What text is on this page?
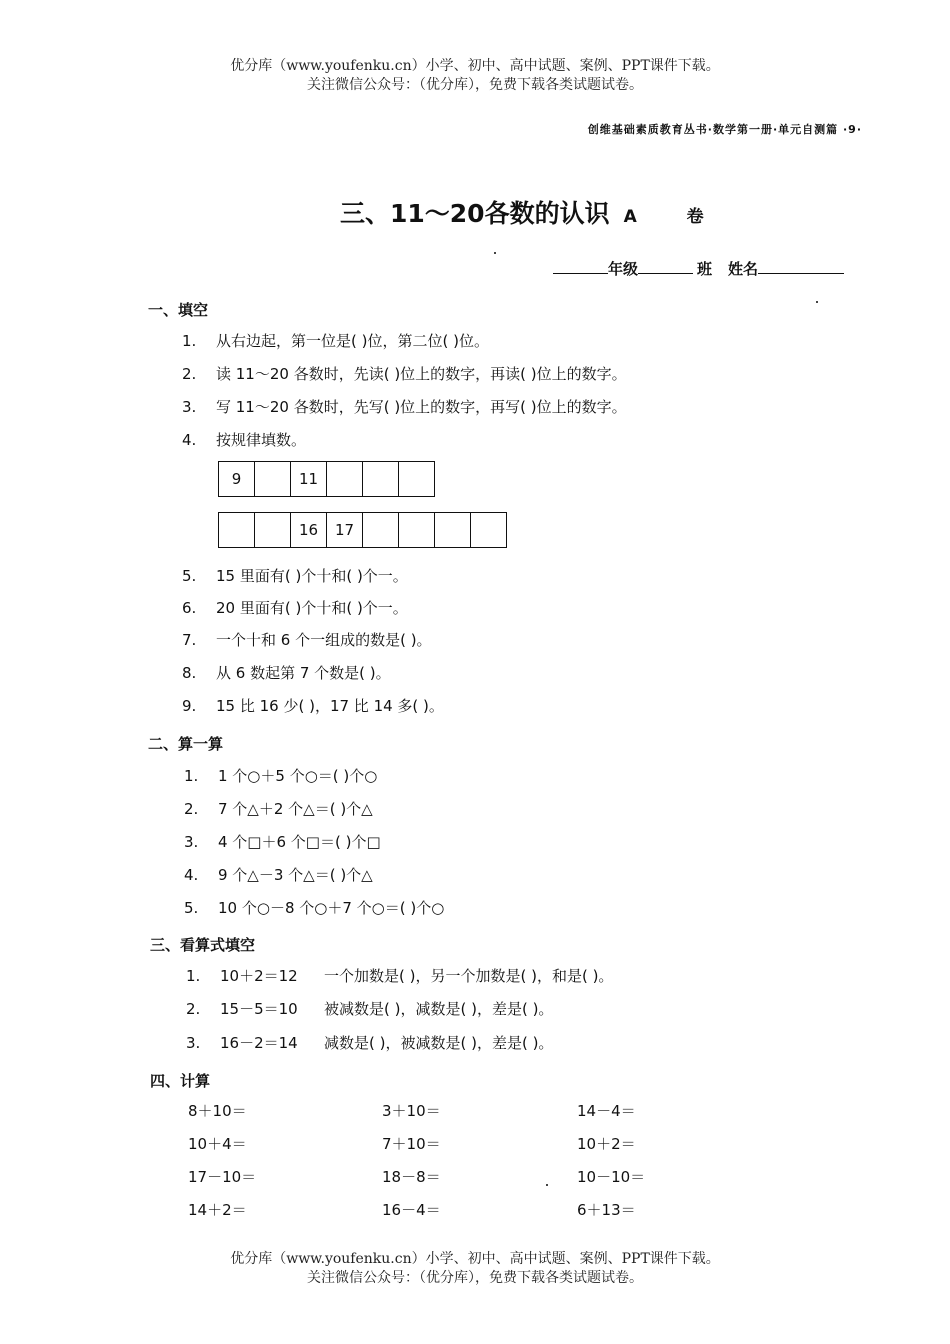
优分库（www.youfenku.cn）小学、初中、高中试题、案例、PPT课件下载。
关注微信公众号：（优分库），免费下载各类试题试卷。
创维基础素质教育丛书·数学第一册·单元自测篇 ·9·
三、11～20各数的认识 A 卷
年级	班 姓名
一、填空
1. 从右边起，第一位是( )位，第二位( )位。
2. 读 11～20 各数时，先读( )位上的数字，再读( )位上的数字。
3. 写 11～20 各数时，先写( )位上的数字，再写( )位上的数字。
4. 按规律填数。
9		11			
		16	17				
5. 15 里面有( )个十和( )个一。
6. 20 里面有( )个十和( )个一。
7. 一个十和 6 个一组成的数是( )。
8. 从 6 数起第 7 个数是( )。
9. 15 比 16 少( )，17 比 14 多( )。
二、算一算
1. 1 个○＋5 个○＝( )个○
2. 7 个△＋2 个△＝( )个△
3. 4 个□＋6 个□＝( )个□
4. 9 个△－3 个△＝( )个△
5. 10 个○－8 个○＋7 个○＝( )个○
三、看算式填空
1. 10＋2＝12 一个加数是( )，另一个加数是( )，和是( )。
2. 15－5＝10 被减数是( )，减数是( )，差是( )。
3. 16－2＝14 减数是( )，被减数是( )，差是( )。
四、计算
8＋10＝	3＋10＝	14－4＝
10＋4＝	7＋10＝	10＋2＝
17－10＝	18－8＝	10－10＝
14＋2＝	16－4＝	6＋13＝
优分库（www.youfenku.cn）小学、初中、高中试题、案例、PPT课件下载。
关注微信公众号：（优分库），免费下载各类试题试卷。
